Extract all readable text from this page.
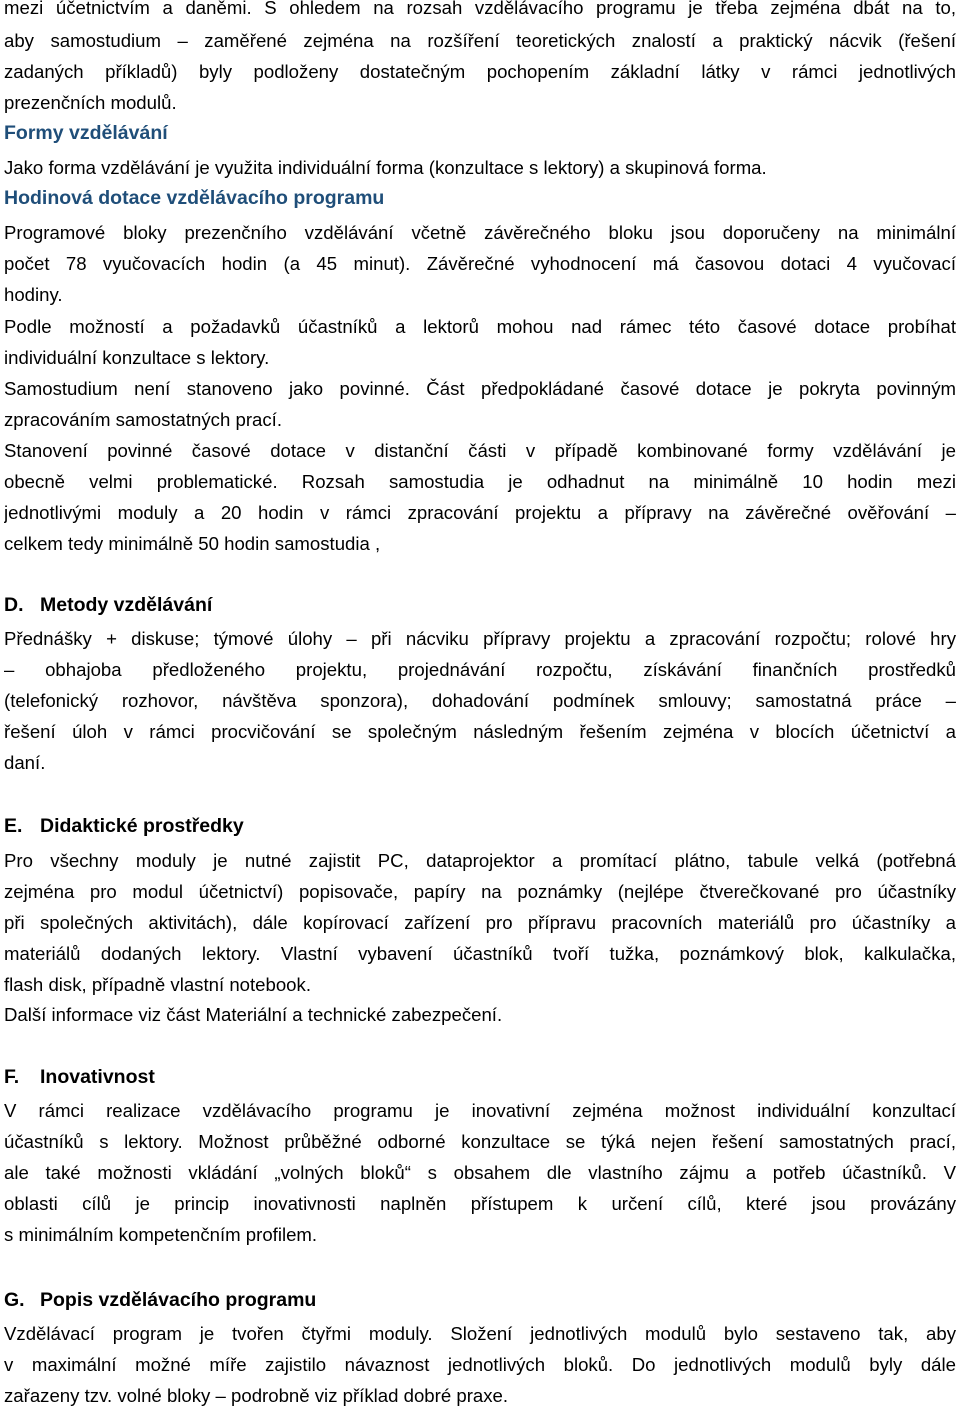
mezi účetnictvím a daněmi. S ohledem na rozsah vzdělávacího programu je třeba zejména dbát na to,
aby samostudium – zaměřené zejména na rozšíření teoretických znalostí a praktický nácvik (řešení
zadaných příkladů) byly podloženy dostatečným pochopením základní látky v rámci jednotlivých
prezenčních modulů.
Formy vzdělávání
Jako forma vzdělávání je využita individuální forma (konzultace s lektory) a skupinová forma.
Hodinová dotace vzdělávacího programu
Programové bloky prezenčního vzdělávání včetně závěrečného bloku jsou doporučeny na minimální
počet 78 vyučovacích hodin (a 45 minut). Závěrečné vyhodnocení má časovou dotaci 4 vyučovací
hodiny.
Podle možností a požadavků účastníků a lektorů mohou nad rámec této časové dotace probíhat
individuální konzultace s lektory.
Samostudium není stanoveno jako povinné. Část předpokládané časové dotace je pokryta povinným
zpracováním samostatných prací.
Stanovení povinné časové dotace v distanční části v případě kombinované formy vzdělávání je
obecně velmi problematické. Rozsah samostudia je odhadnut na minimálně 10 hodin mezi
jednotlivými moduly a 20 hodin v rámci zpracování projektu a přípravy na závěrečné ověřování –
celkem tedy minimálně 50 hodin samostudia ,
D. Metody vzdělávání
Přednášky + diskuse; týmové úlohy – při nácviku přípravy projektu a zpracování rozpočtu; rolové hry
– obhajoba předloženého projektu, projednávání rozpočtu, získávání finančních prostředků
(telefonický rozhovor, návštěva sponzora), dohadování podmínek smlouvy; samostatná práce –
řešení úloh v rámci procvičování se společným následným řešením zejména v blocích účetnictví a
daní.
E. Didaktické prostředky
Pro všechny moduly je nutné zajistit PC, dataprojektor a promítací plátno, tabule velká (potřebná
zejména pro modul účetnictví) popisovače, papíry na poznámky (nejlépe čtverečkované pro účastníky
při společných aktivitách), dále kopírovací zařízení pro přípravu pracovních materiálů pro účastníky a
materiálů dodaných lektory. Vlastní vybavení účastníků tvoří tužka, poznámkový blok, kalkulačka,
flash disk, případně vlastní notebook.
Další informace viz část Materiální a technické zabezpečení.
F. Inovativnost
V rámci realizace vzdělávacího programu je inovativní zejména možnost individuální konzultací
účastníků s lektory. Možnost průběžné odborné konzultace se týká nejen řešení samostatných prací,
ale také možnosti vkládání „volných bloků“ s obsahem dle vlastního zájmu a potřeb účastníků. V
oblasti cílů je princip inovativnosti naplněn přístupem k určení cílů, které jsou provázány
s minimálním kompetenčním profilem.
G. Popis vzdělávacího programu
Vzdělávací program je tvořen čtyřmi moduly. Složení jednotlivých modulů bylo sestaveno tak, aby
v maximální možné míře zajistilo návaznost jednotlivých bloků. Do jednotlivých modulů byly dále
zařazeny tzv. volné bloky – podrobně viz příklad dobré praxe.
